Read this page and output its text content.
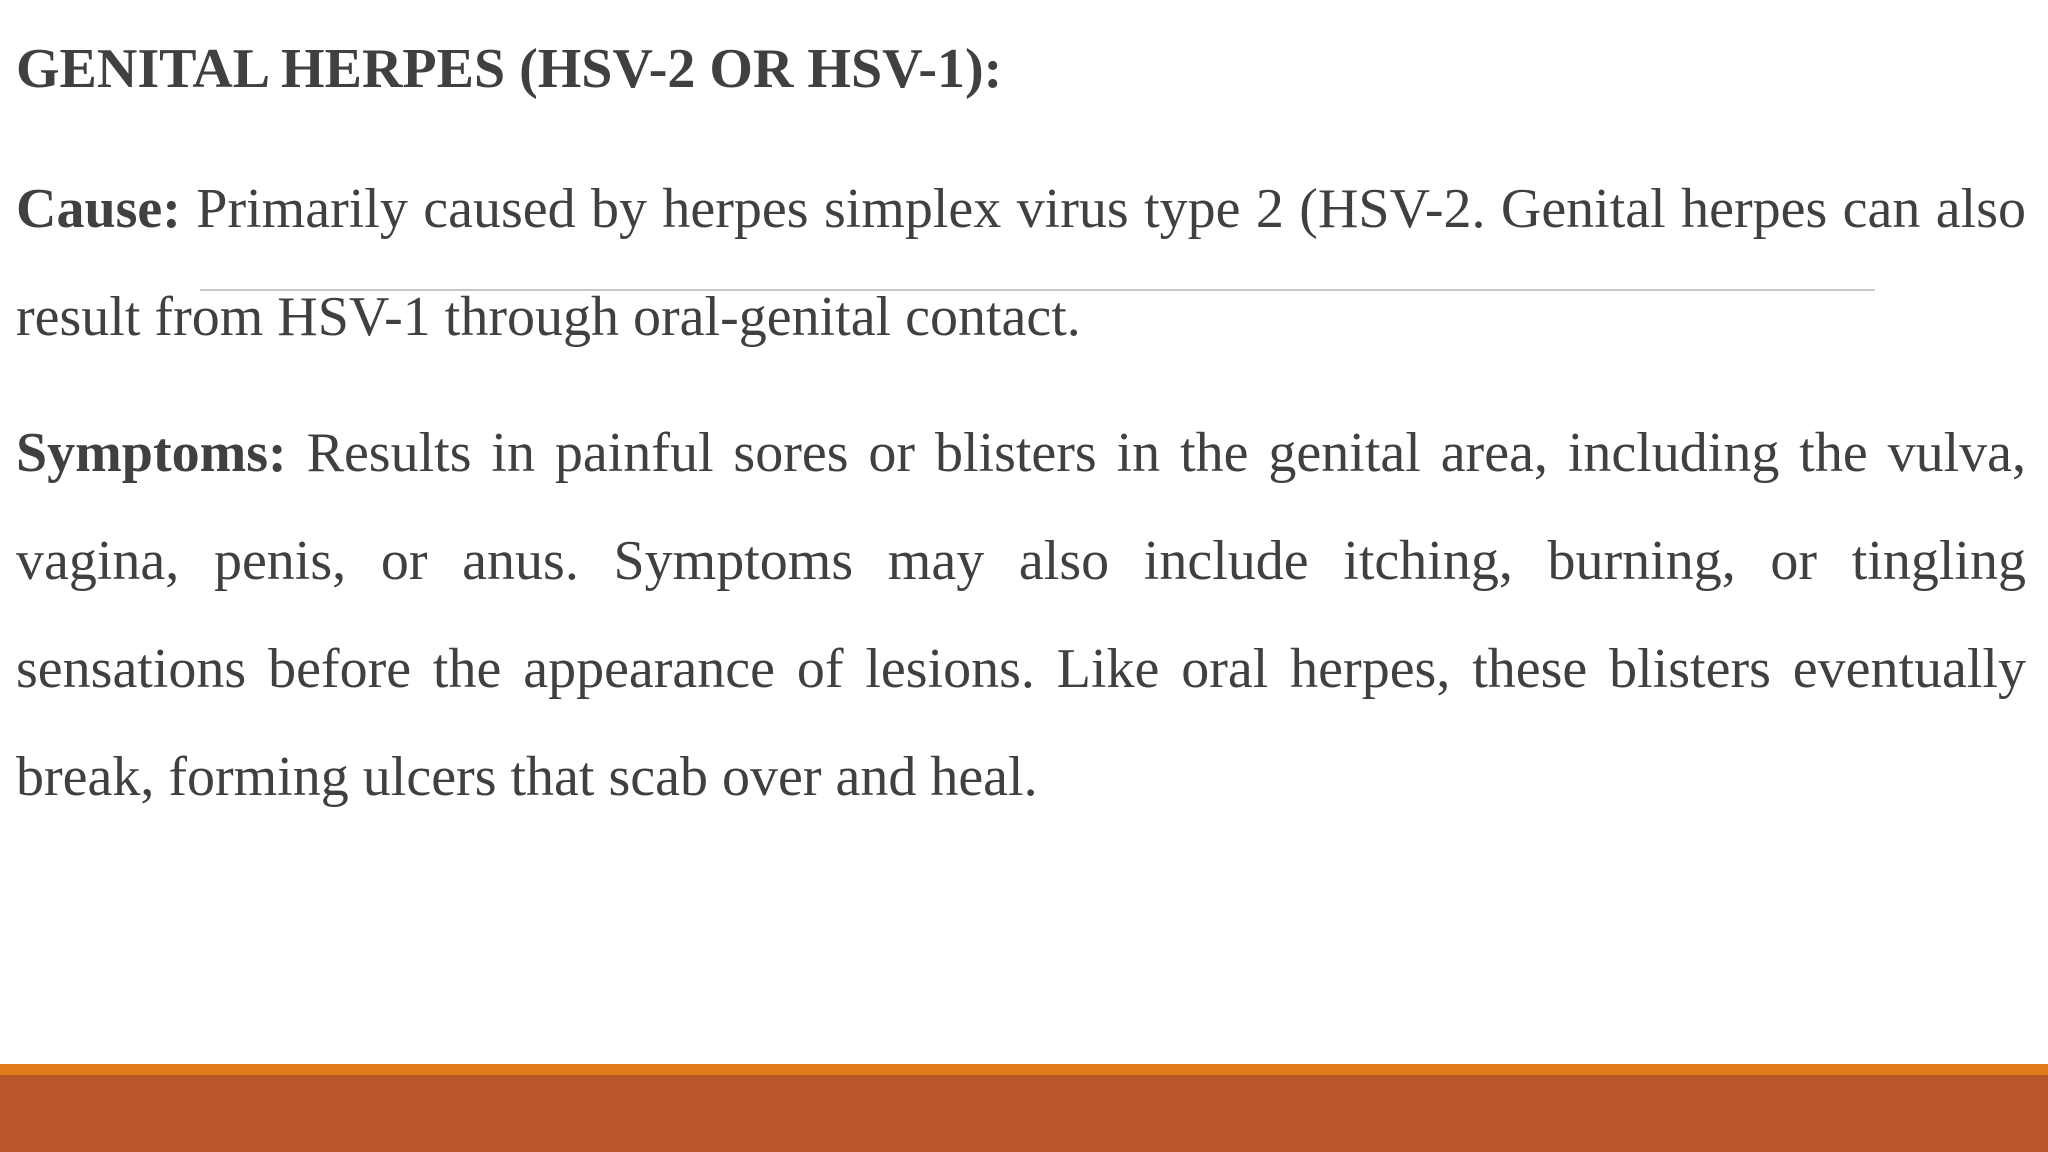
GENITAL HERPES (HSV-2 OR HSV-1):

Cause: Primarily caused by herpes simplex virus type 2 (HSV-2. Genital herpes can also result from HSV-1 through oral-genital contact.

Symptoms: Results in painful sores or blisters in the genital area, including the vulva, vagina, penis, or anus. Symptoms may also include itching, burning, or tingling sensations before the appearance of lesions. Like oral herpes, these blisters eventually break, forming ulcers that scab over and heal.
